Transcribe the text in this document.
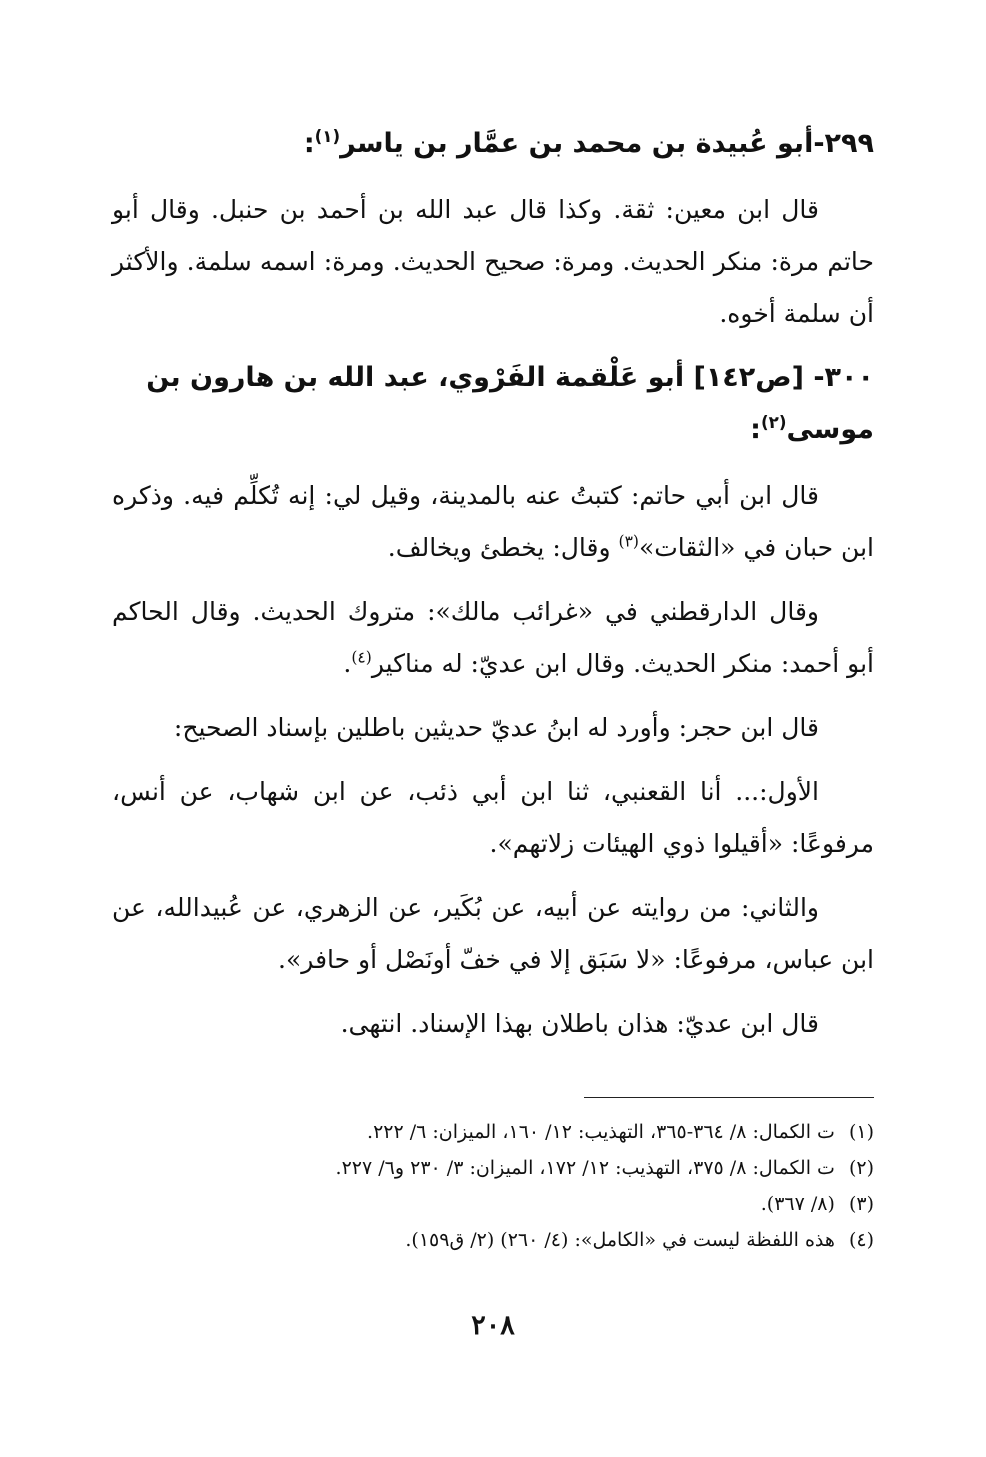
٢٩٩-أبو عُبيدة بن محمد بن عمَّار بن ياسر$^{(١)}$:

قال ابن معين: ثقة. وكذا قال عبد الله بن أحمد بن حنبل. وقال أبو حاتم مرة: منكر الحديث. ومرة: صحيح الحديث. ومرة: اسمه سلمة. والأكثر أن سلمة أخوه.

٣٠٠- [ص١٤٢] أبو عَلْقمة الفَرْوي، عبد الله بن هارون بن موسى$^{(٢)}$:

قال ابن أبي حاتم: كتبتُ عنه بالمدينة، وقيل لي: إنه تُكلِّم فيه. وذكره ابن حبان في «الثقات»$^{(٣)}$ وقال: يخطئ ويخالف.

وقال الدارقطني في «غرائب مالك»: متروك الحديث. وقال الحاكم أبو أحمد: منكر الحديث. وقال ابن عديّ: له مناكير$^{(٤)}$.

قال ابن حجر: وأورد له ابنُ عديّ حديثين باطلين بإسناد الصحيح:

الأول:... أنا القعنبي، ثنا ابن أبي ذئب، عن ابن شهاب، عن أنس، مرفوعًا: «أقيلوا ذوي الهيئات زلاتهم».

والثاني: من روايته عن أبيه، عن بُكَير، عن الزهري، عن عُبيدالله، عن ابن عباس، مرفوعًا: «لا سَبَق إلا في خفّ أونَصْل أو حافر».

قال ابن عديّ: هذان باطلان بهذا الإسناد. انتهى.

(١)ت الكمال: ٨/ ٣٦٤-٣٦٥، التهذيب: ١٢/ ١٦٠، الميزان: ٦/ ٢٢٢.

(٢)ت الكمال: ٨/ ٣٧٥، التهذيب: ١٢/ ١٧٢، الميزان: ٣/ ٢٣٠ و٦/ ٢٢٧.

(٣)(٨/ ٣٦٧).

(٤)هذه اللفظة ليست في «الكامل»: (٤/ ٢٦٠) (٢/ ق١٥٩).

٢٠٨
